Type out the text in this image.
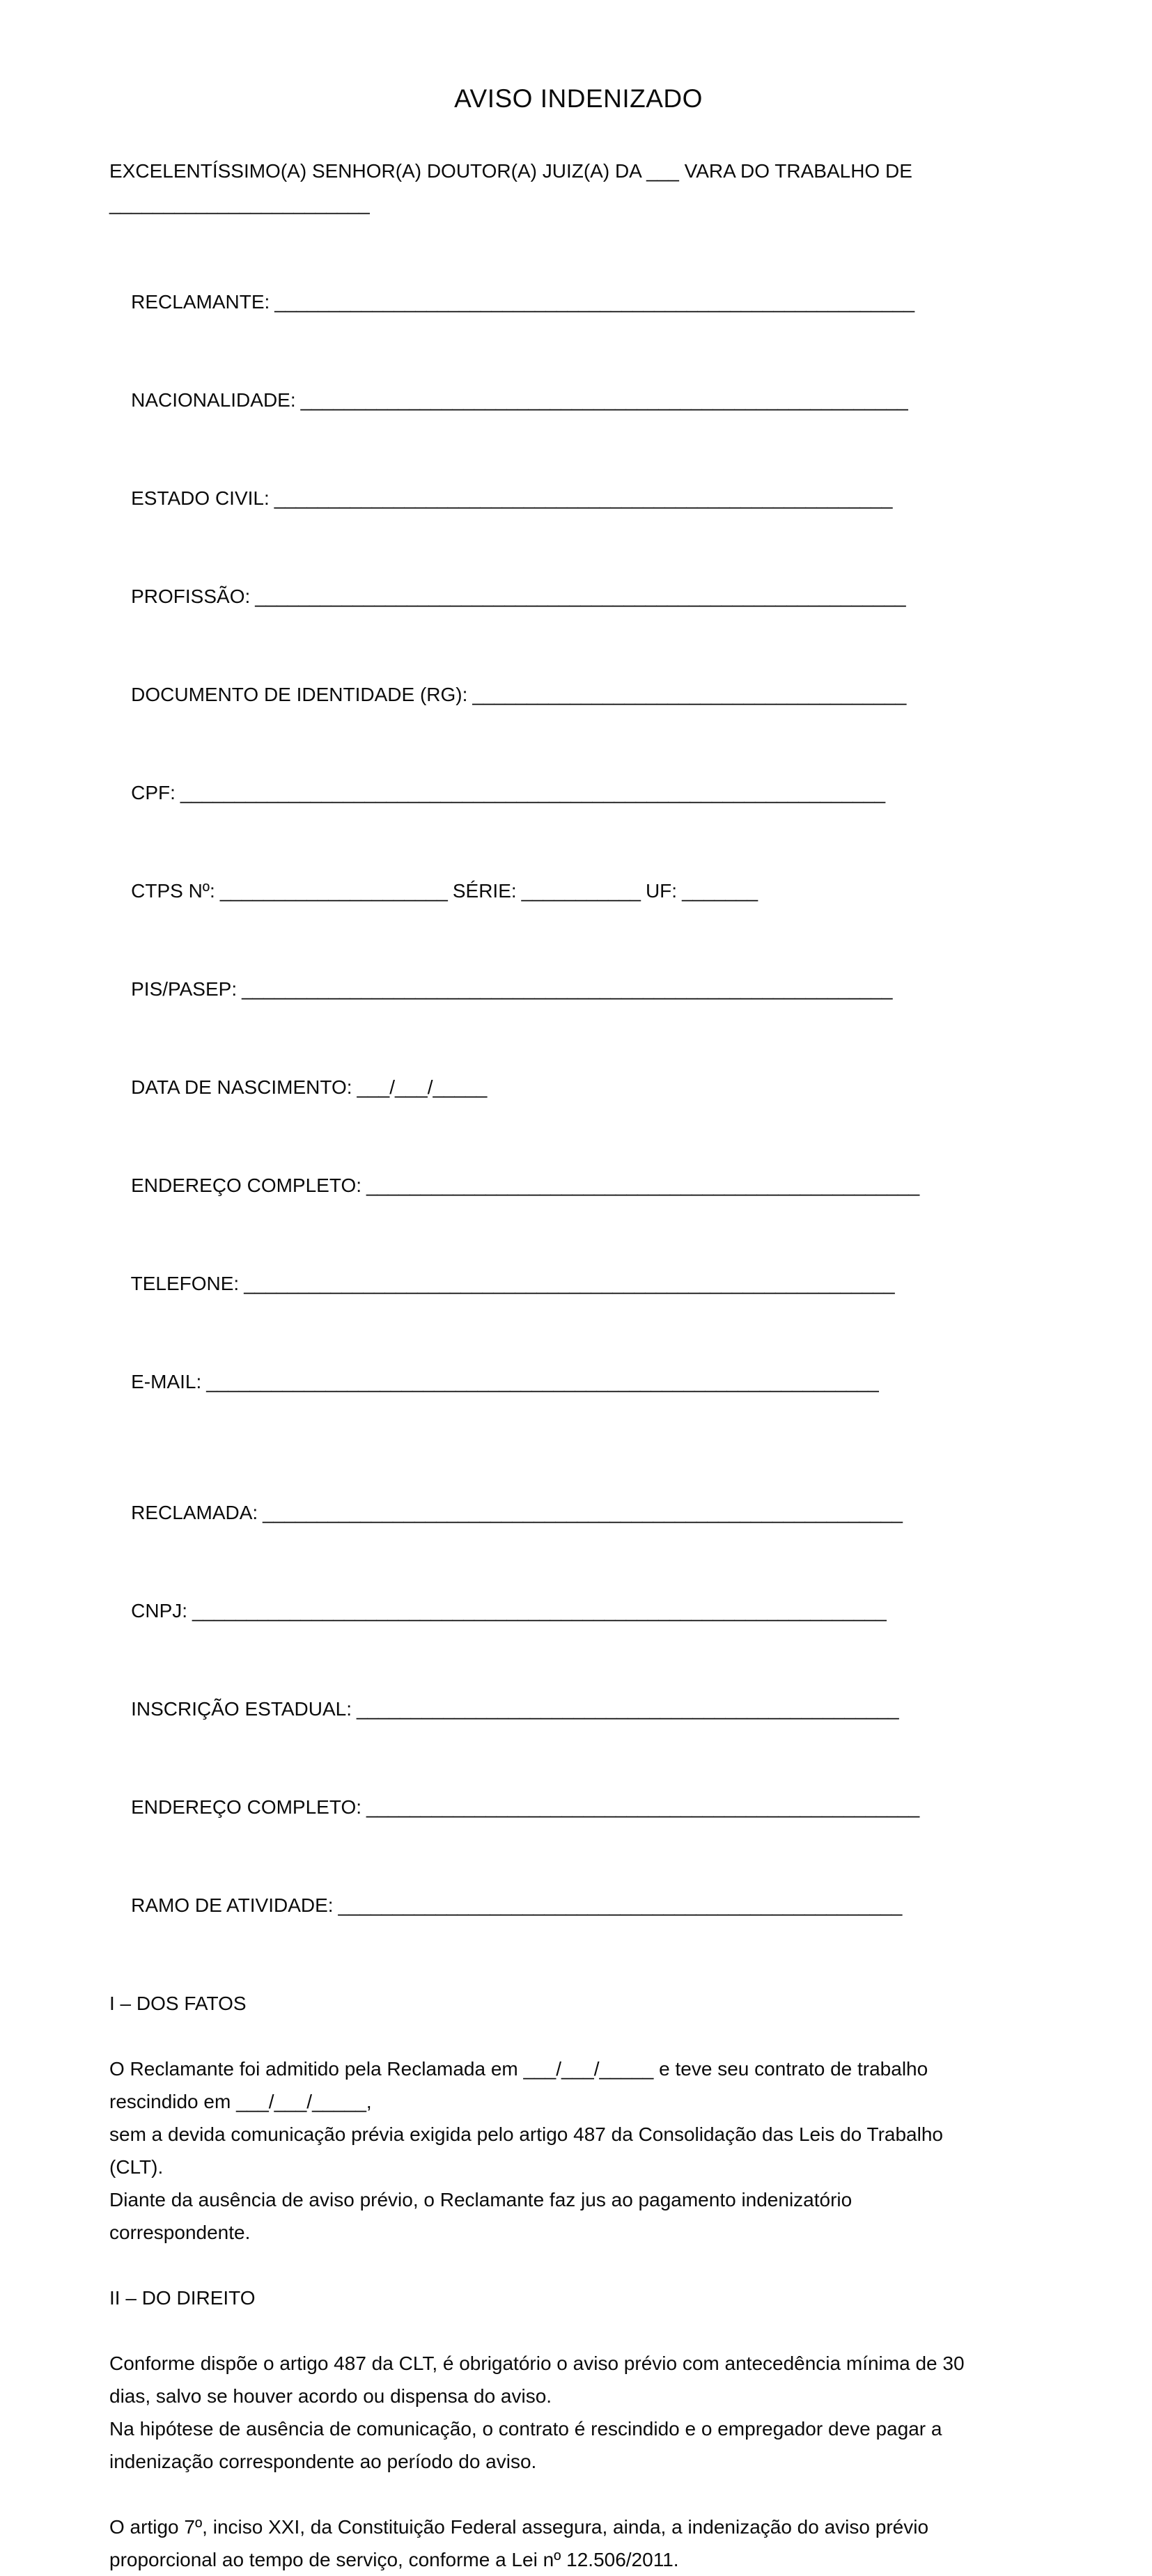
AVISO INDENIZADO
EXCELENTÍSSIMO(A) SENHOR(A) DOUTOR(A) JUIZ(A) DA ___ VARA DO TRABALHO DE
________________________

RECLAMANTE: ___________________________________________________________

NACIONALIDADE: ________________________________________________________

ESTADO CIVIL: _________________________________________________________

PROFISSÃO: ____________________________________________________________

DOCUMENTO DE IDENTIDADE (RG): ________________________________________

CPF: _________________________________________________________________

CTPS Nº: _____________________ SÉRIE: ___________ UF: _______

PIS/PASEP: ____________________________________________________________

DATA DE NASCIMENTO: ___/___/_____

ENDEREÇO COMPLETO: ___________________________________________________

TELEFONE: ____________________________________________________________

E-MAIL: ______________________________________________________________

RECLAMADA: ___________________________________________________________

CNPJ: ________________________________________________________________

INSCRIÇÃO ESTADUAL: __________________________________________________

ENDEREÇO COMPLETO: ___________________________________________________

RAMO DE ATIVIDADE: ____________________________________________________

I – DOS FATOS
O Reclamante foi admitido pela Reclamada em ___/___/_____ e teve seu contrato de trabalho
rescindido em ___/___/_____,
sem a devida comunicação prévia exigida pelo artigo 487 da Consolidação das Leis do Trabalho
(CLT).
Diante da ausência de aviso prévio, o Reclamante faz jus ao pagamento indenizatório
correspondente.
II – DO DIREITO
Conforme dispõe o artigo 487 da CLT, é obrigatório o aviso prévio com antecedência mínima de 30
dias, salvo se houver acordo ou dispensa do aviso.
Na hipótese de ausência de comunicação, o contrato é rescindido e o empregador deve pagar a
indenização correspondente ao período do aviso.
O artigo 7º, inciso XXI, da Constituição Federal assegura, ainda, a indenização do aviso prévio
proporcional ao tempo de serviço, conforme a Lei nº 12.506/2011.
